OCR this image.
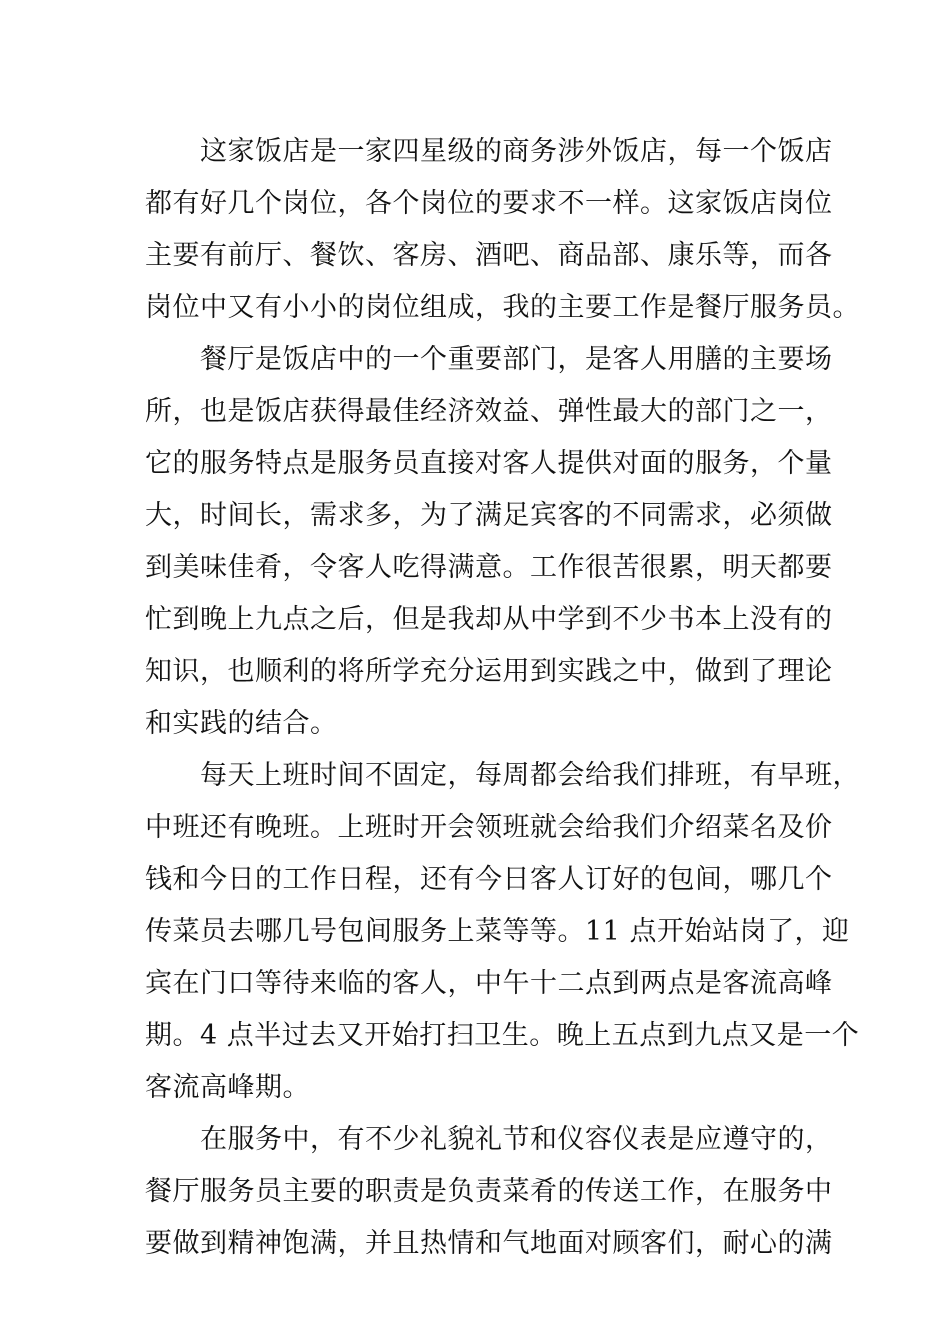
这家饭店是一家四星级的商务涉外饭店，每一个饭店
都有好几个岗位，各个岗位的要求不一样。这家饭店岗位
主要有前厅、餐饮、客房、酒吧、商品部、康乐等，而各
岗位中又有小小的岗位组成，我的主要工作是餐厅服务员。
餐厅是饭店中的一个重要部门，是客人用膳的主要场
所，也是饭店获得最佳经济效益、弹性最大的部门之一，
它的服务特点是服务员直接对客人提供对面的服务，个量
大，时间长，需求多，为了满足宾客的不同需求，必须做
到美味佳肴，令客人吃得满意。工作很苦很累，明天都要
忙到晚上九点之后，但是我却从中学到不少书本上没有的
知识，也顺利的将所学充分运用到实践之中，做到了理论
和实践的结合。
每天上班时间不固定，每周都会给我们排班，有早班，
中班还有晚班。上班时开会领班就会给我们介绍菜名及价
钱和今日的工作日程，还有今日客人订好的包间，哪几个
传菜员去哪几号包间服务上菜等等。11 点开始站岗了，迎
宾在门口等待来临的客人，中午十二点到两点是客流高峰
期。4 点半过去又开始打扫卫生。晚上五点到九点又是一个
客流高峰期。
在服务中，有不少礼貌礼节和仪容仪表是应遵守的，
餐厅服务员主要的职责是负责菜肴的传送工作，在服务中
要做到精神饱满，并且热情和气地面对顾客们，耐心的满
